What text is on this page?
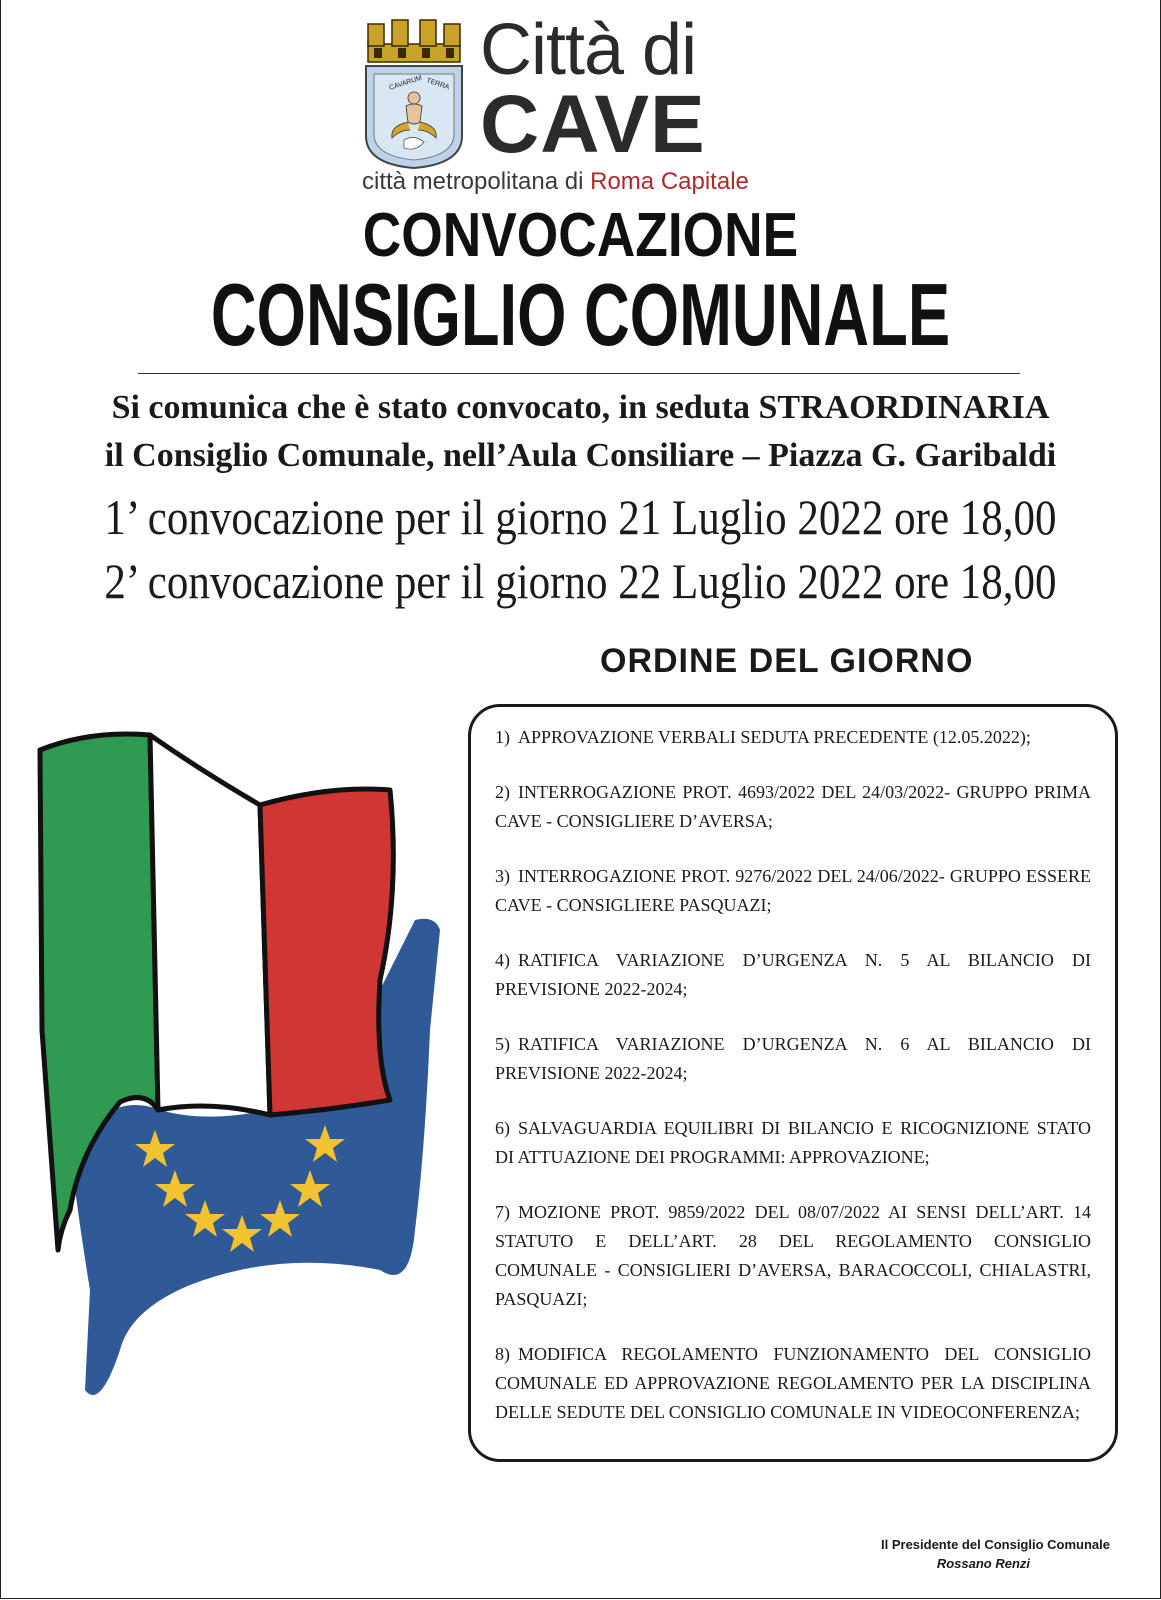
CAVARUM TERRA Città di
CAVE
città metropolitana di Roma Capitale
CONVOCAZIONE
CONSIGLIO COMUNALE
Si comunica che è stato convocato, in seduta STRAORDINARIA
il Consiglio Comunale, nell’Aula Consiliare – Piazza G. Garibaldi
1’ convocazione per il giorno 21 Luglio 2022 ore 18,00
2’ convocazione per il giorno 22 Luglio 2022 ore 18,00
ORDINE DEL GIORNO
1) APPROVAZIONE VERBALI SEDUTA PRECEDENTE (12.05.2022);
2) INTERROGAZIONE PROT. 4693/2022 DEL 24/03/2022- GRUPPO PRIMA CAVE - CONSIGLIERE D’AVERSA;
3) INTERROGAZIONE PROT. 9276/2022 DEL 24/06/2022- GRUPPO ESSERE CAVE - CONSIGLIERE PASQUAZI;
4) RATIFICA VARIAZIONE D’URGENZA N. 5 AL BILANCIO DI PREVISIONE 2022-2024;
5) RATIFICA VARIAZIONE D’URGENZA N. 6 AL BILANCIO DI PREVISIONE 2022-2024;
6) SALVAGUARDIA EQUILIBRI DI BILANCIO E RICOGNIZIONE STATO DI ATTUAZIONE DEI PROGRAMMI: APPROVAZIONE;
7) MOZIONE PROT. 9859/2022 DEL 08/07/2022 AI SENSI DELL’ART. 14 STATUTO E DELL’ART. 28 DEL REGOLAMENTO CONSIGLIO COMUNALE - CONSIGLIERI D’AVERSA, BARACOCCOLI, CHIALASTRI, PASQUAZI;
8) MODIFICA REGOLAMENTO FUNZIONAMENTO DEL CONSIGLIO COMUNALE ED APPROVAZIONE REGOLAMENTO PER LA DISCIPLINA DELLE SEDUTE DEL CONSIGLIO COMUNALE IN VIDEOCONFERENZA;
Il Presidente del Consiglio Comunale
Rossano Renzi
